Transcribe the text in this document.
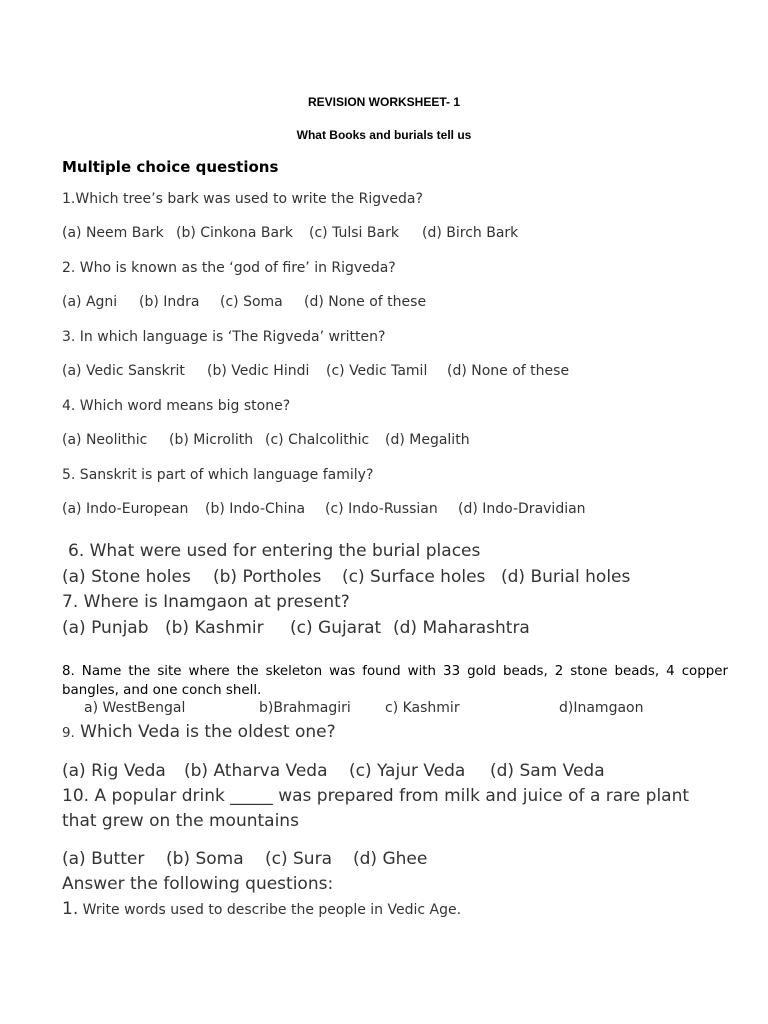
REVISION WORKSHEET- 1
What Books and burials tell us
Multiple choice questions
1.Which tree’s bark was used to write the Rigveda?
(a) Neem Bark (b) Cinkona Bark (c) Tulsi Bark (d) Birch Bark
2. Who is known as the ‘god of fire’ in Rigveda?
(a) Agni (b) Indra (c) Soma (d) None of these
3. In which language is ‘The Rigveda’ written?
(a) Vedic Sanskrit (b) Vedic Hindi (c) Vedic Tamil (d) None of these
4. Which word means big stone?
(a) Neolithic (b) Microlith (c) Chalcolithic (d) Megalith
5. Sanskrit is part of which language family?
(a) Indo-European (b) Indo-China (c) Indo-Russian (d) Indo-Dravidian
6. What were used for entering the burial places
(a) Stone holes (b) Portholes (c) Surface holes (d) Burial holes
7. Where is Inamgaon at present?
(a) Punjab (b) Kashmir (c) Gujarat (d) Maharashtra
8. Name the site where the skeleton was found with 33 gold beads, 2 stone beads, 4 copper bangles, and one conch shell.
a) WestBengal	b)Brahmagiri c) Kashmir	d)Inamgaon
9. Which Veda is the oldest one?
(a) Rig Veda (b) Atharva Veda (c) Yajur Veda (d) Sam Veda
10. A popular drink _____ was prepared from milk and juice of a rare plant that grew on the mountains
(a) Butter (b) Soma (c) Sura (d) Ghee
Answer the following questions:
1. Write words used to describe the people in Vedic Age.
